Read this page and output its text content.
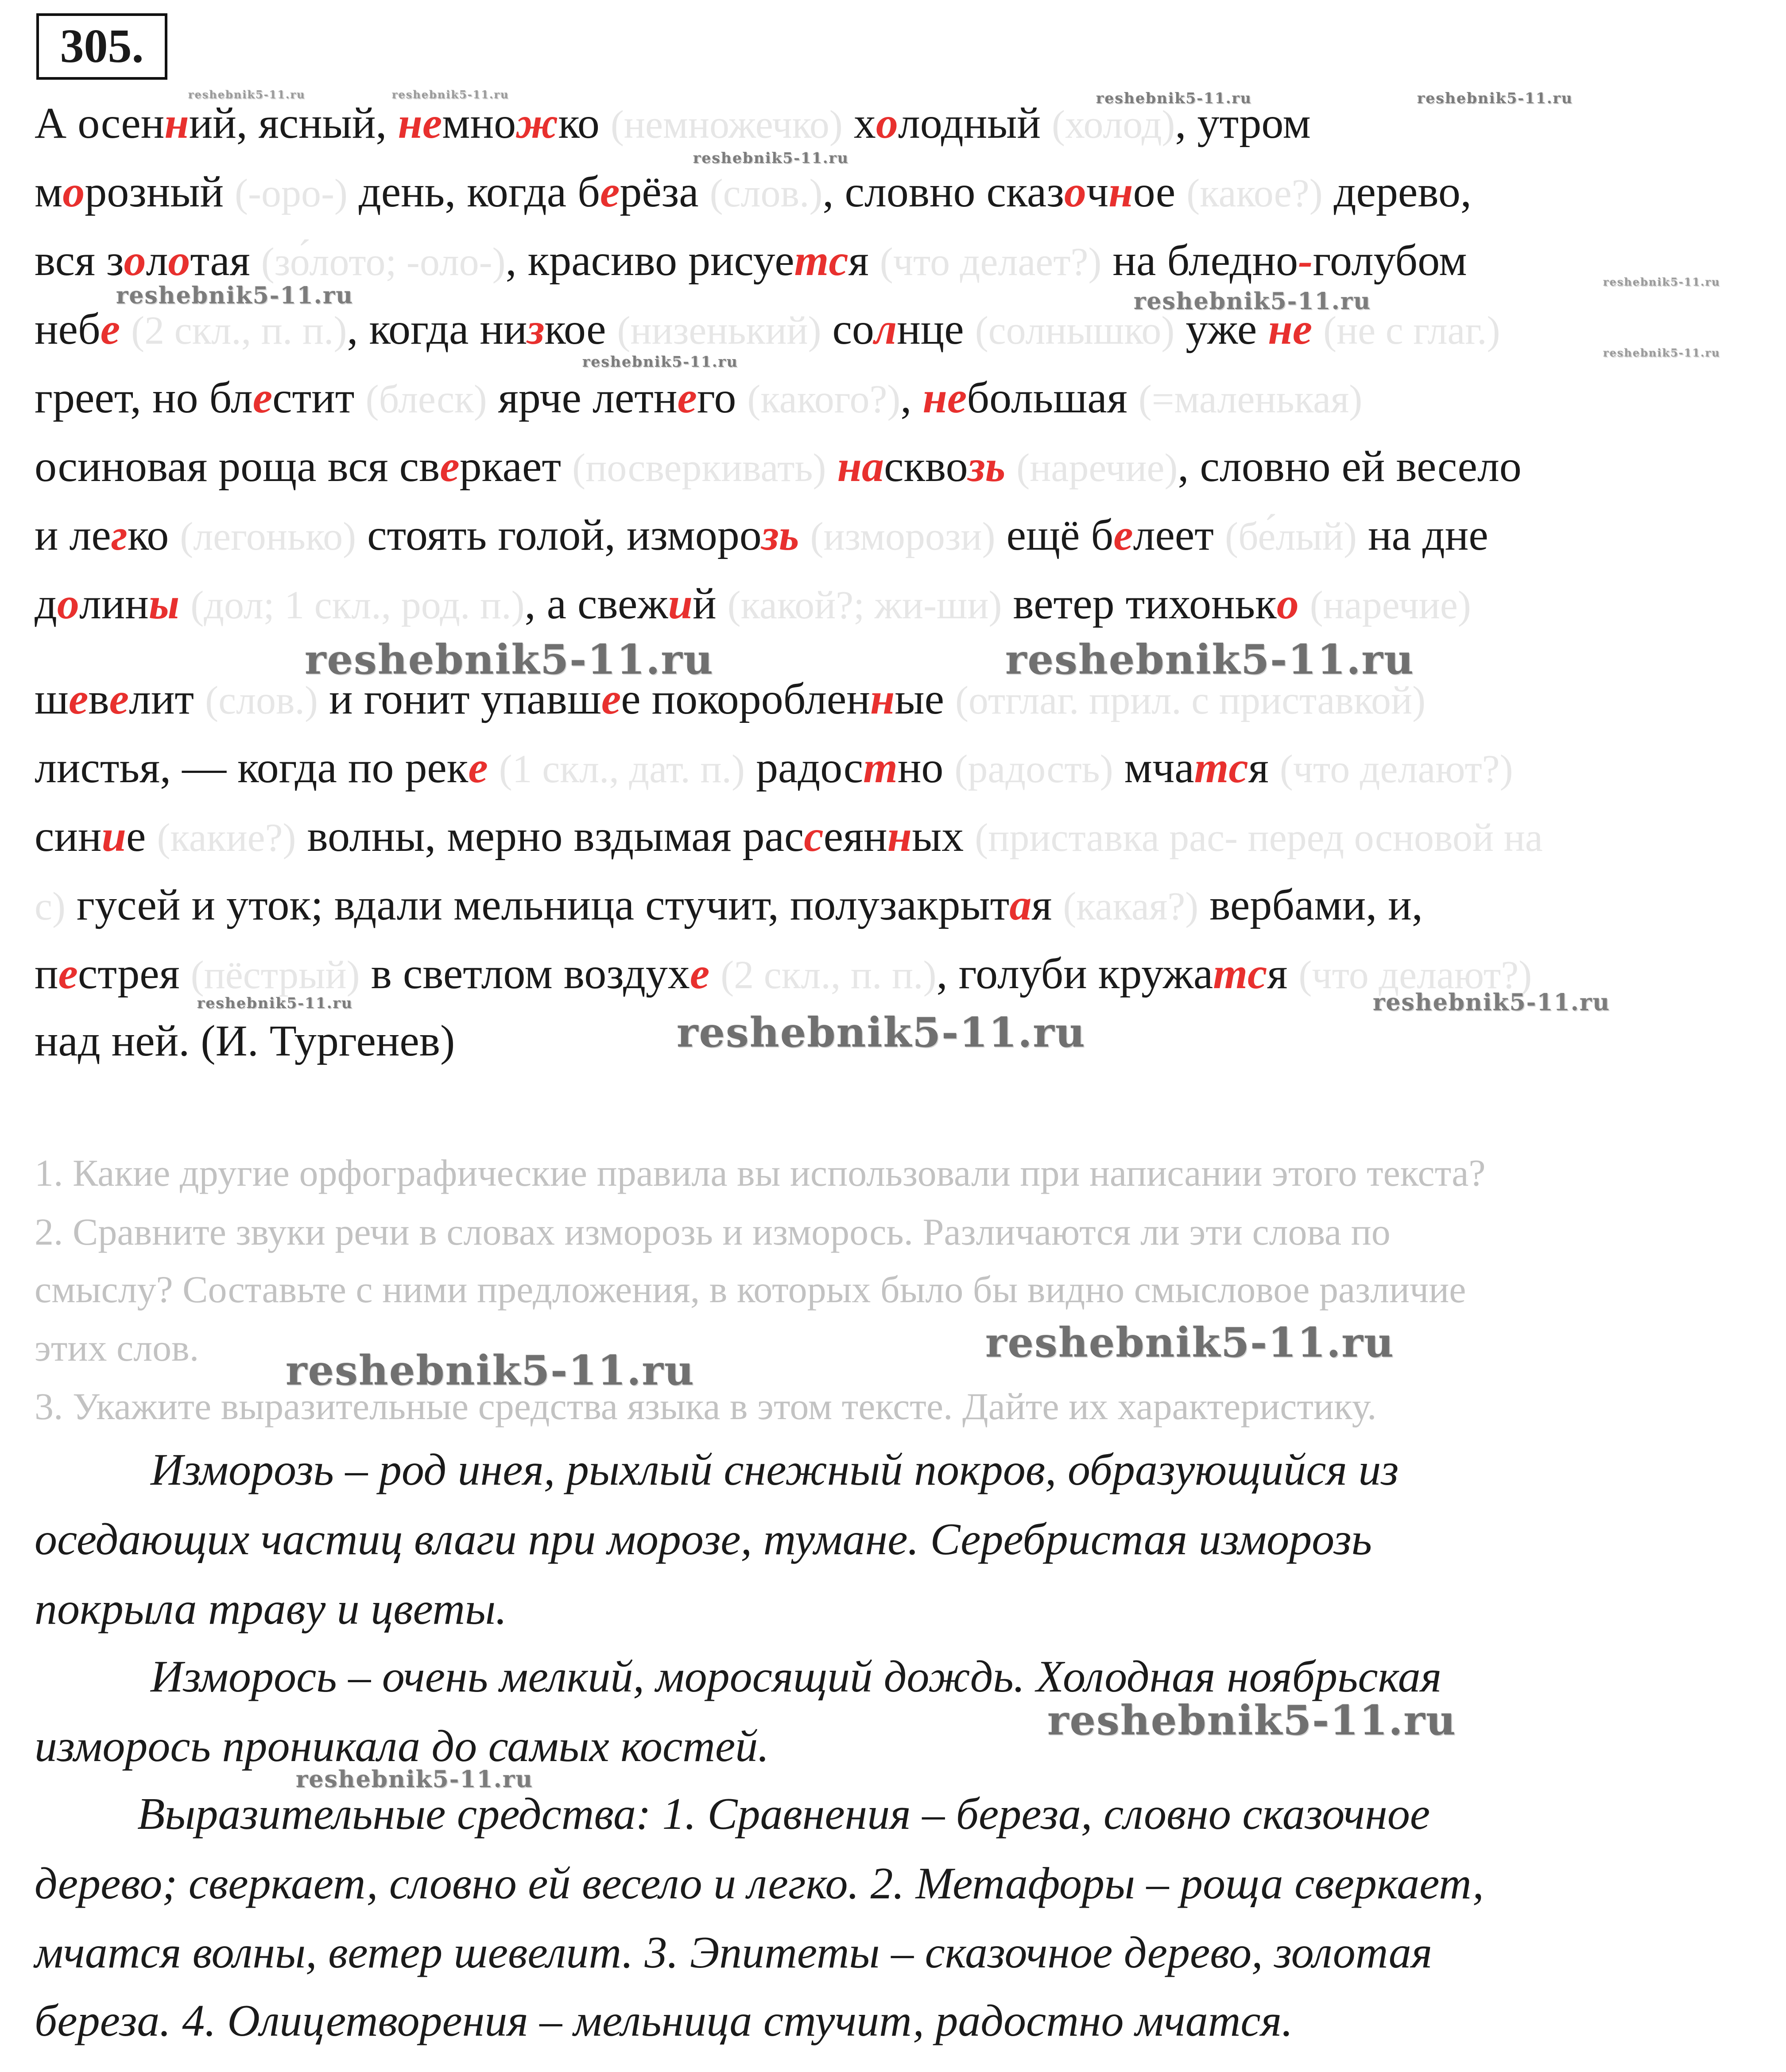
305.
А осенний, ясный, немножко (немножечко) холодный (холод), утром
морозный (-оро-) день, когда берёза (слов.), словно сказочное (какое?) дерево,
вся золотая (зо́лото; -оло-), красиво рисуется (что делает?) на бледно-голубом
небе (2 скл., п. п.), когда низкое (низенький) солнце (солнышко) уже не (не с глаг.)
греет, но блестит (блеск) ярче летнего (какого?), небольшая (=маленькая)
осиновая роща вся сверкает (посверкивать) насквозь (наречие), словно ей весело
и легко (легонько) стоять голой, изморозь (изморози) ещё белеет (бе́лый) на дне
долины (дол; 1 скл., род. п.), а свежий (какой?; жи-ши) ветер тихонько (наречие)
шевелит (слов.) и гонит упавшее покоробленные (отглаг. прил. с приставкой)
листья, — когда по реке (1 скл., дат. п.) радостно (радость) мчатся (что делают?)
синие (какие?) волны, мерно вздымая рассеянных (приставка рас- перед основой на
с) гусей и уток; вдали мельница стучит, полузакрытая (какая?) вербами, и,
пестрея (пёстрый) в светлом воздухе (2 скл., п. п.), голуби кружатся (что делают?)
над ней. (И. Тургенев)
1. Какие другие орфографические правила вы использовали при написании этого текста?
2. Сравните звуки речи в словах изморозь и изморось. Различаются ли эти слова по
смыслу? Составьте с ними предложения, в которых было бы видно смысловое различие
этих слов.
3. Укажите выразительные средства языка в этом тексте. Дайте их характеристику.
Изморозь – род инея, рыхлый снежный покров, образующийся из
оседающих частиц влаги при морозе, тумане. Серебристая изморозь
покрыла траву и цветы.
Изморось – очень мелкий, моросящий дождь. Холодная ноябрьская
изморось проникала до самых костей.
Выразительные средства: 1. Сравнения – береза, словно сказочное
дерево; сверкает, словно ей весело и легко. 2. Метафоры – роща сверкает,
мчатся волны, ветер шевелит. 3. Эпитеты – сказочное дерево, золотая
береза. 4. Олицетворения – мельница стучит, радостно мчатся.
reshebnik5-11.ru	reshebnik5-11.ru	reshebnik5-11.ru	reshebnik5-11.ru
reshebnik5-11.ru
reshebnik5-11.ru
reshebnik5-11.ru	reshebnik5-11.ru
reshebnik5-11.ru
reshebnik5-11.ru
reshebnik5-11.ru	reshebnik5-11.ru
reshebnik5-11.ru	reshebnik5-11.ru
reshebnik5-11.ru
reshebnik5-11.ru
reshebnik5-11.ru
reshebnik5-11.ru
reshebnik5-11.ru
